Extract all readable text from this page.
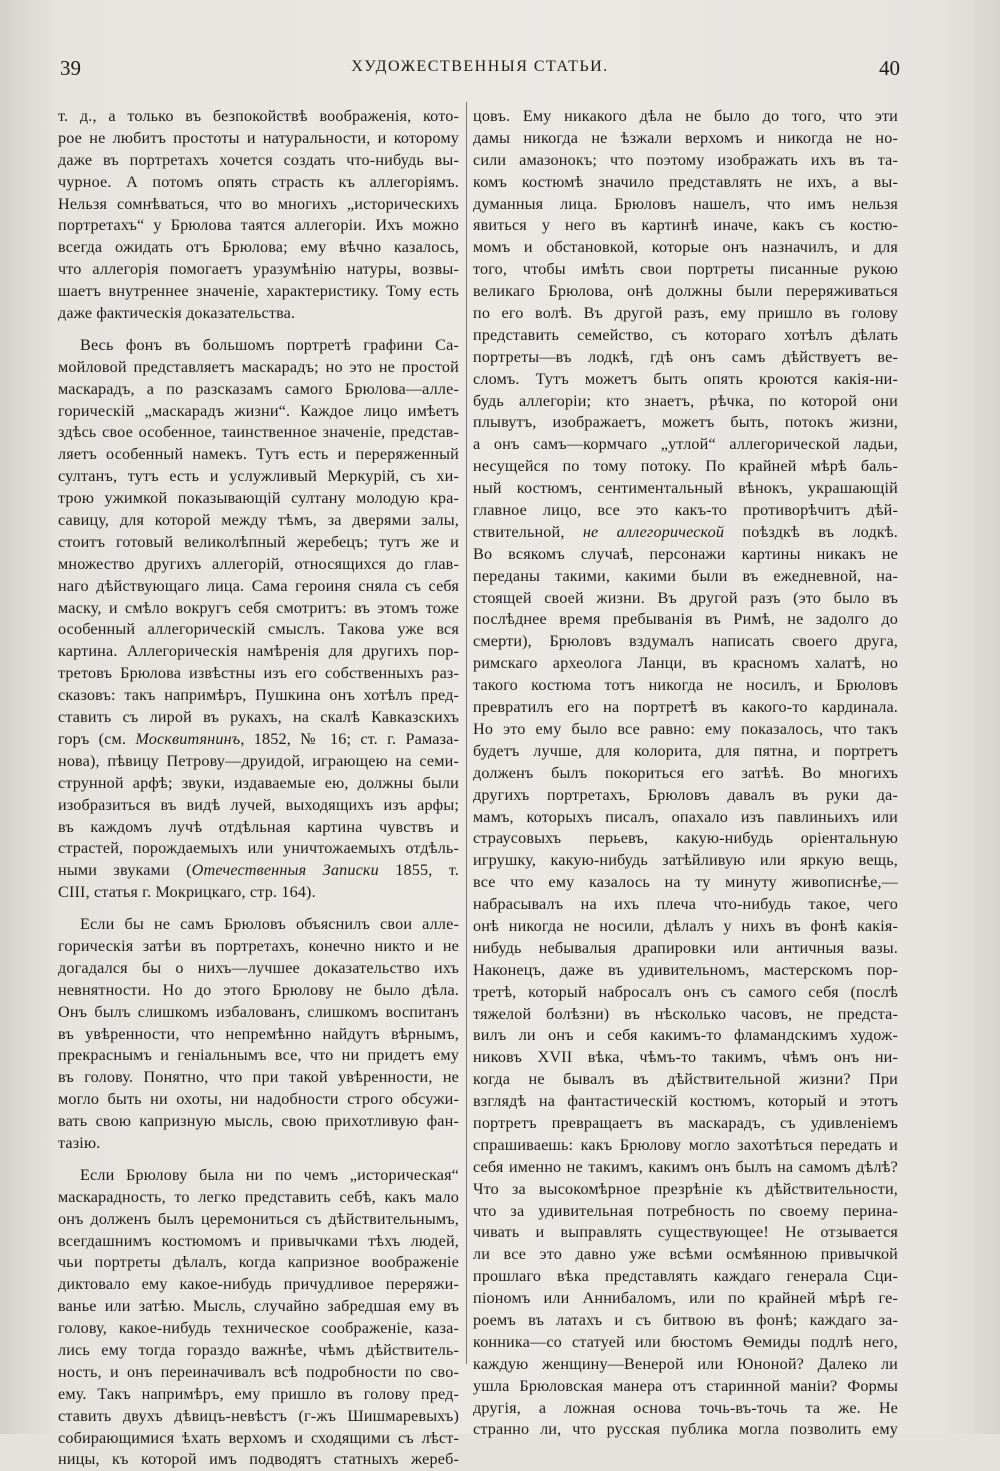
39	ХУДОЖЕСТВЕННЫЯ СТАТЬИ.	40
т. д., а только въ безпокойствѣ воображенія, кото-
рое не любитъ простоты и натуральности, и которому
даже въ портретахъ хочется создать что-нибудь вы-
чурное. А потомъ опять страсть къ аллегоріямъ.
Нельзя сомнѣваться, что во многихъ „историческихъ
портретахъ“ у Брюлова таятся аллегоріи. Ихъ можно
всегда ожидать отъ Брюлова; ему вѣчно казалось,
что аллегорія помогаетъ уразумѣнію натуры, возвы-
шаетъ внутреннее значеніе, характеристику. Тому есть
даже фактическія доказательства.
Весь фонъ въ большомъ портретѣ графини Са-
мойловой представляетъ маскарадъ; но это не простой
маскарадъ, а по разсказамъ самого Брюлова—алле-
горическій „маскарадъ жизни“. Каждое лицо имѣетъ
здѣсь свое особенное, таинственное значеніе, представ-
ляетъ особенный намекъ. Тутъ есть и переряженный
султанъ, тутъ есть и услужливый Меркурій, съ хи-
трою ужимкой показывающій султану молодую кра-
савицу, для которой между тѣмъ, за дверями залы,
стоитъ готовый великолѣпный жеребецъ; тутъ же и
множество другихъ аллегорій, относящихся до глав-
наго дѣйствующаго лица. Сама героиня сняла съ себя
маску, и смѣло вокругъ себя смотритъ: въ этомъ тоже
особенный аллегорическій смыслъ. Такова уже вся
картина. Аллегорическія намѣренія для другихъ пор-
третовъ Брюлова извѣстны изъ его собственныхъ раз-
сказовъ: такъ напримѣръ, Пушкина онъ хотѣлъ пред-
ставить съ лирой въ рукахъ, на скалѣ Кавказскихъ
горъ (см. Москвитянинъ, 1852, № 16; ст. г. Рамаза-
нова), пѣвицу Петрову—друидой, играющею на семи-
струнной арфѣ; звуки, издаваемые ею, должны были
изобразиться въ видѣ лучей, выходящихъ изъ арфы;
въ каждомъ лучѣ отдѣльная картина чувствъ и
страстей, порождаемыхъ или уничтожаемыхъ отдѣль-
ными звуками (Отечественныя Записки 1855, т.
CIII, статья г. Мокрицкаго, стр. 164).
Если бы не самъ Брюловъ объяснилъ свои алле-
горическія затѣи въ портретахъ, конечно никто и не
догадался бы о нихъ—лучшее доказательство ихъ
невнятности. Но до этого Брюлову не было дѣла.
Онъ былъ слишкомъ избалованъ, слишкомъ воспитанъ
въ увѣренности, что непремѣнно найдутъ вѣрнымъ,
прекраснымъ и геніальнымъ все, что ни придетъ ему
въ голову. Понятно, что при такой увѣренности, не
могло быть ни охоты, ни надобности строго обсужи-
вать свою капризную мысль, свою прихотливую фан-
тазію.
Если Брюлову была ни по чемъ „историческая“
маскарадность, то легко представить себѣ, какъ мало
онъ долженъ былъ церемониться съ дѣйствительнымъ,
всегдашнимъ костюмомъ и привычками тѣхъ людей,
чьи портреты дѣлалъ, когда капризное воображеніе
диктовало ему какое-нибудь причудливое переряжи-
ванье или затѣю. Мысль, случайно забредшая ему въ
голову, какое-нибудь техническое соображеніе, каза-
лись ему тогда гораздо важнѣе, чѣмъ дѣйствитель-
ность, и онъ переиначивалъ всѣ подробности по сво-
ему. Такъ напримѣръ, ему пришло въ голову пред-
ставить двухъ дѣвицъ-невѣстъ (г-жъ Шишмаревыхъ)
собирающимися ѣхать верхомъ и сходящими съ лѣст-
ницы, къ которой имъ подводятъ статныхъ жереб-
цовъ. Ему никакого дѣла не было до того, что эти
дамы никогда не ѣзжали верхомъ и никогда не но-
сили амазонокъ; что поэтому изображать ихъ въ та-
комъ костюмѣ значило представлять не ихъ, а вы-
думанныя лица. Брюловъ нашелъ, что имъ нельзя
явиться у него въ картинѣ иначе, какъ съ костю-
момъ и обстановкой, которые онъ назначилъ, и для
того, чтобы имѣть свои портреты писанные рукою
великаго Брюлова, онѣ должны были переряживаться
по его волѣ. Въ другой разъ, ему пришло въ голову
представить семейство, съ котораго хотѣлъ дѣлать
портреты—въ лодкѣ, гдѣ онъ самъ дѣйствуетъ ве-
сломъ. Тутъ можетъ быть опять кроются какія-ни-
будь аллегоріи; кто знаетъ, рѣчка, по которой они
плывутъ, изображаетъ, можетъ быть, потокъ жизни,
а онъ самъ—кормчаго „утлой“ аллегорической ладьи,
несущейся по тому потоку. По крайней мѣрѣ баль-
ный костюмъ, сентиментальный вѣнокъ, украшающій
главное лицо, все это какъ-то противорѣчитъ дѣй-
ствительной, не аллегорической поѣздкѣ въ лодкѣ.
Во всякомъ случаѣ, персонажи картины никакъ не
переданы такими, какими были въ ежедневной, на-
стоящей своей жизни. Въ другой разъ (это было въ
послѣднее время пребыванія въ Римѣ, не задолго до
смерти), Брюловъ вздумалъ написать своего друга,
римскаго археолога Ланци, въ красномъ халатѣ, но
такого костюма тотъ никогда не носилъ, и Брюловъ
превратилъ его на портретѣ въ какого-то кардинала.
Но это ему было все равно: ему показалось, что такъ
будетъ лучше, для колорита, для пятна, и портретъ
долженъ былъ покориться его затѣѣ. Во многихъ
другихъ портретахъ, Брюловъ давалъ въ руки да-
мамъ, которыхъ писалъ, опахало изъ павлиньихъ или
страусовыхъ перьевъ, какую-нибудь оріентальную
игрушку, какую-нибудь затѣйливую или яркую вещь,
все что ему казалось на ту минуту живописнѣе,—
набрасывалъ на ихъ плеча что-нибудь такое, чего
онѣ никогда не носили, дѣлалъ у нихъ въ фонѣ какія-
нибудь небывалыя драпировки или античныя вазы.
Наконецъ, даже въ удивительномъ, мастерскомъ пор-
третѣ, который набросалъ онъ съ самого себя (послѣ
тяжелой болѣзни) въ нѣсколько часовъ, не предста-
вилъ ли онъ и себя какимъ-то фламандскимъ худож-
никовъ XVII вѣка, чѣмъ-то такимъ, чѣмъ онъ ни-
когда не бывалъ въ дѣйствительной жизни? При
взглядѣ на фантастическій костюмъ, который и этотъ
портретъ превращаетъ въ маскарадъ, съ удивленіемъ
спрашиваешь: какъ Брюлову могло захотѣться передать и
себя именно не такимъ, какимъ онъ былъ на самомъ дѣлѣ?
Что за высокомѣрное презрѣніе къ дѣйствительности,
что за удивительная потребность по своему перина-
чивать и выправлять существующее! Не отзывается
ли все это давно уже всѣми осмѣянною привычкой
прошлаго вѣка представлять каждаго генерала Сци-
піономъ или Аннибаломъ, или по крайней мѣрѣ ге-
роемъ въ латахъ и съ битвою въ фонѣ; каждаго за-
конника—со статуей или бюстомъ Ѳемиды подлѣ него,
каждую женщину—Венерой или Юноной? Далеко ли
ушла Брюловская манера отъ старинной маніи? Формы
другія, а ложная основа точь-въ-точь та же. Не
странно ли, что русская публика могла позволить ему
